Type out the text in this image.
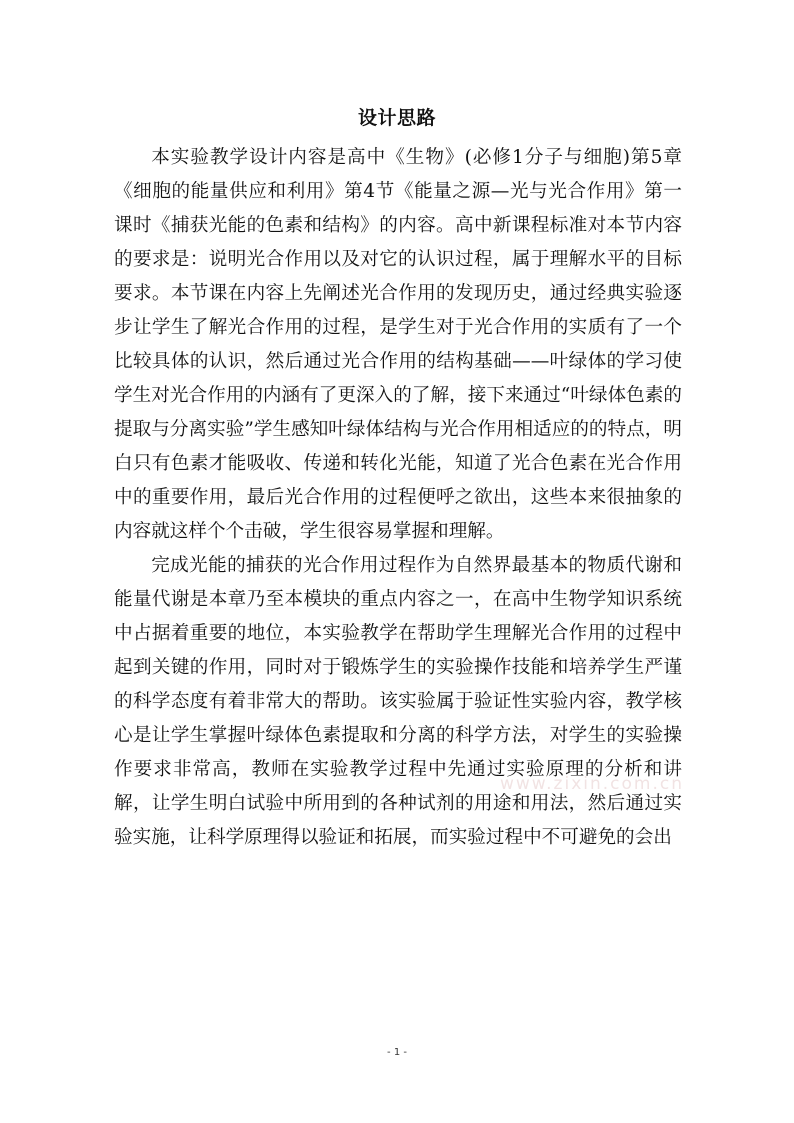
设计思路

本实验教学设计内容是高中《生物》(必修1分子与细胞)第5章《细胞的能量供应和利用》第4节《能量之源—光与光合作用》第一课时《捕获光能的色素和结构》的内容。高中新课程标准对本节内容的要求是：说明光合作用以及对它的认识过程，属于理解水平的目标要求。本节课在内容上先阐述光合作用的发现历史，通过经典实验逐步让学生了解光合作用的过程，是学生对于光合作用的实质有了一个比较具体的认识，然后通过光合作用的结构基础——叶绿体的学习使学生对光合作用的内涵有了更深入的了解，接下来通过“叶绿体色素的提取与分离实验”学生感知叶绿体结构与光合作用相适应的的特点，明白只有色素才能吸收、传递和转化光能，知道了光合色素在光合作用中的重要作用，最后光合作用的过程便呼之欲出，这些本来很抽象的内容就这样个个击破，学生很容易掌握和理解。

完成光能的捕获的光合作用过程作为自然界最基本的物质代谢和能量代谢是本章乃至本模块的重点内容之一，在高中生物学知识系统中占据着重要的地位，本实验教学在帮助学生理解光合作用的过程中起到关键的作用，同时对于锻炼学生的实验操作技能和培养学生严谨的科学态度有着非常大的帮助。该实验属于验证性实验内容，教学核心是让学生掌握叶绿体色素提取和分离的科学方法，对学生的实验操作要求非常高，教师在实验教学过程中先通过实验原理的分析和讲解，让学生明白试验中所用到的各种试剂的用途和用法，然后通过实验实施，让科学原理得以验证和拓展，而实验过程中不可避免的会出

www.zixin.com.cn
- 1 -
